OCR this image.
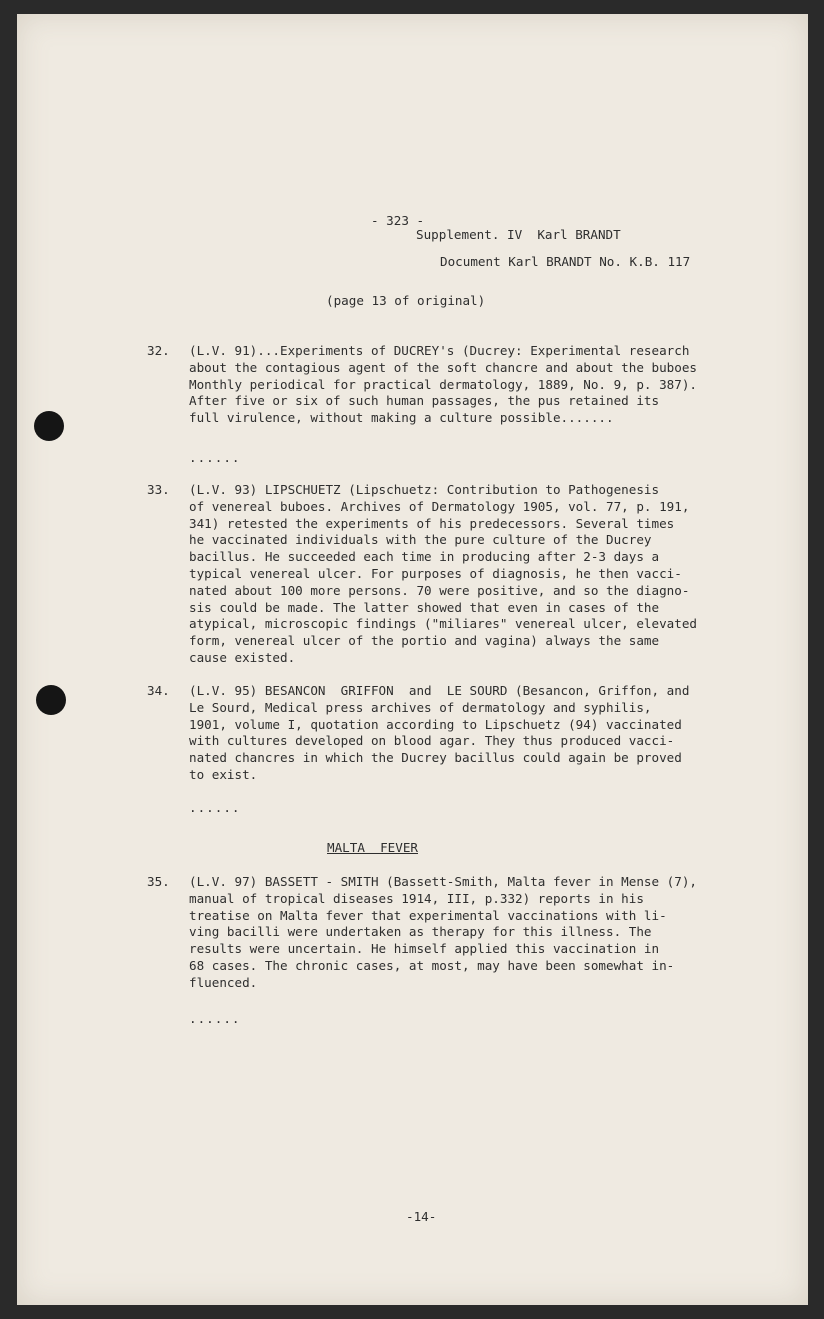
- 323 -
Supplement. IV  Karl BRANDT
Document Karl BRANDT No. K.B. 117
(page 13 of original)
32. (L.V. 91)...Experiments of DUCREY's (Ducrey: Experimental research
about the contagious agent of the soft chancre and about the buboes
Monthly periodical for practical dermatology, 1889, No. 9, p. 387).
After five or six of such human passages, the pus retained its
full virulence, without making a culture possible.......
......
33. (L.V. 93) LIPSCHUETZ (Lipschuetz: Contribution to Pathogenesis
of venereal buboes. Archives of Dermatology 1905, vol. 77, p. 191,
341) retested the experiments of his predecessors. Several times
he vaccinated individuals with the pure culture of the Ducrey
bacillus. He succeeded each time in producing after 2-3 days a
typical venereal ulcer. For purposes of diagnosis, he then vacci-
nated about 100 more persons. 70 were positive, and so the diagno-
sis could be made. The latter showed that even in cases of the
atypical, microscopic findings ("miliares" venereal ulcer, elevated
form, venereal ulcer of the portio and vagina) always the same
cause existed.
34. (L.V. 95) BESANCON  GRIFFON  and  LE SOURD (Besancon, Griffon, and
Le Sourd, Medical press archives of dermatology and syphilis,
1901, volume I, quotation according to Lipschuetz (94) vaccinated
with cultures developed on blood agar. They thus produced vacci-
nated chancres in which the Ducrey bacillus could again be proved
to exist.
......
MALTA  FEVER
35. (L.V. 97) BASSETT - SMITH (Bassett-Smith, Malta fever in Mense (7),
manual of tropical diseases 1914, III, p.332) reports in his
treatise on Malta fever that experimental vaccinations with li-
ving bacilli were undertaken as therapy for this illness. The
results were uncertain. He himself applied this vaccination in
68 cases. The chronic cases, at most, may have been somewhat in-
fluenced.
......
-14-
